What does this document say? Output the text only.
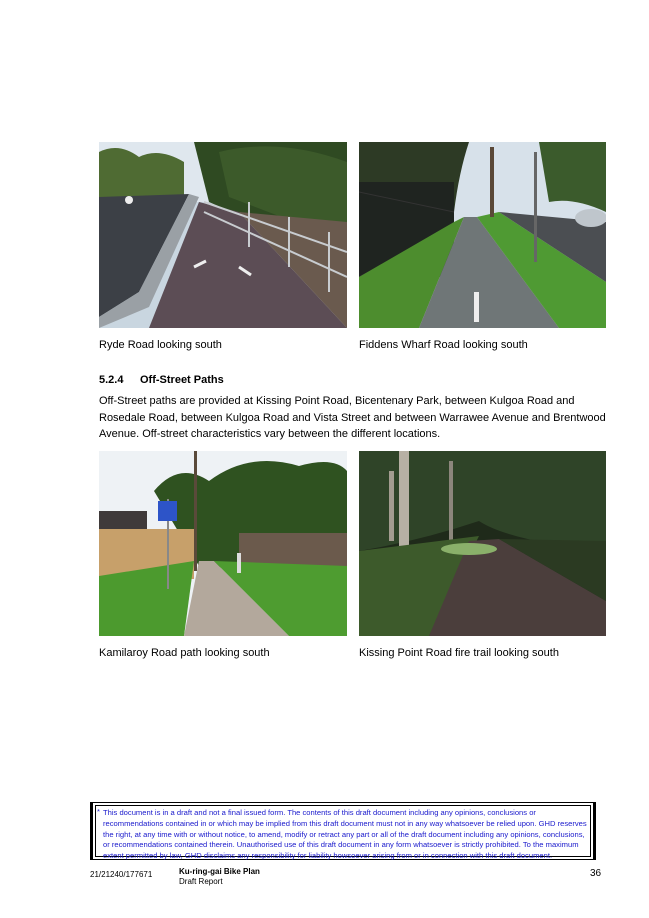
Ryde Road looking south	Fiddens Wharf Road looking south
5.2.4 Off-Street Paths
Off-Street paths are provided at Kissing Point Road, Bicentenary Park, between Kulgoa Road and Rosedale Road, between Kulgoa Road and Vista Street and between Warrawee Avenue and Brentwood Avenue. Off-street characteristics vary between the different locations.
Kamilaroy Road path looking south	Kissing Point Road fire trail looking south
* This document is in a draft and not a final issued form. The contents of this draft document including any opinions, conclusions or recommendations contained in or which may be implied from this draft document must not in any way whatsoever be relied upon. GHD reserves the right, at any time with or without notice, to amend, modify or retract any part or all of the draft document including any opinions, conclusions, or recommendations contained therein. Unauthorised use of this draft document in any form whatsoever is strictly prohibited. To the maximum extent permitted by law, GHD disclaims any responsibility for liability howsoever arising from or in connection with this draft document.
21/21240/177671	Ku-ring-gai Bike Plan
Draft Report
36
